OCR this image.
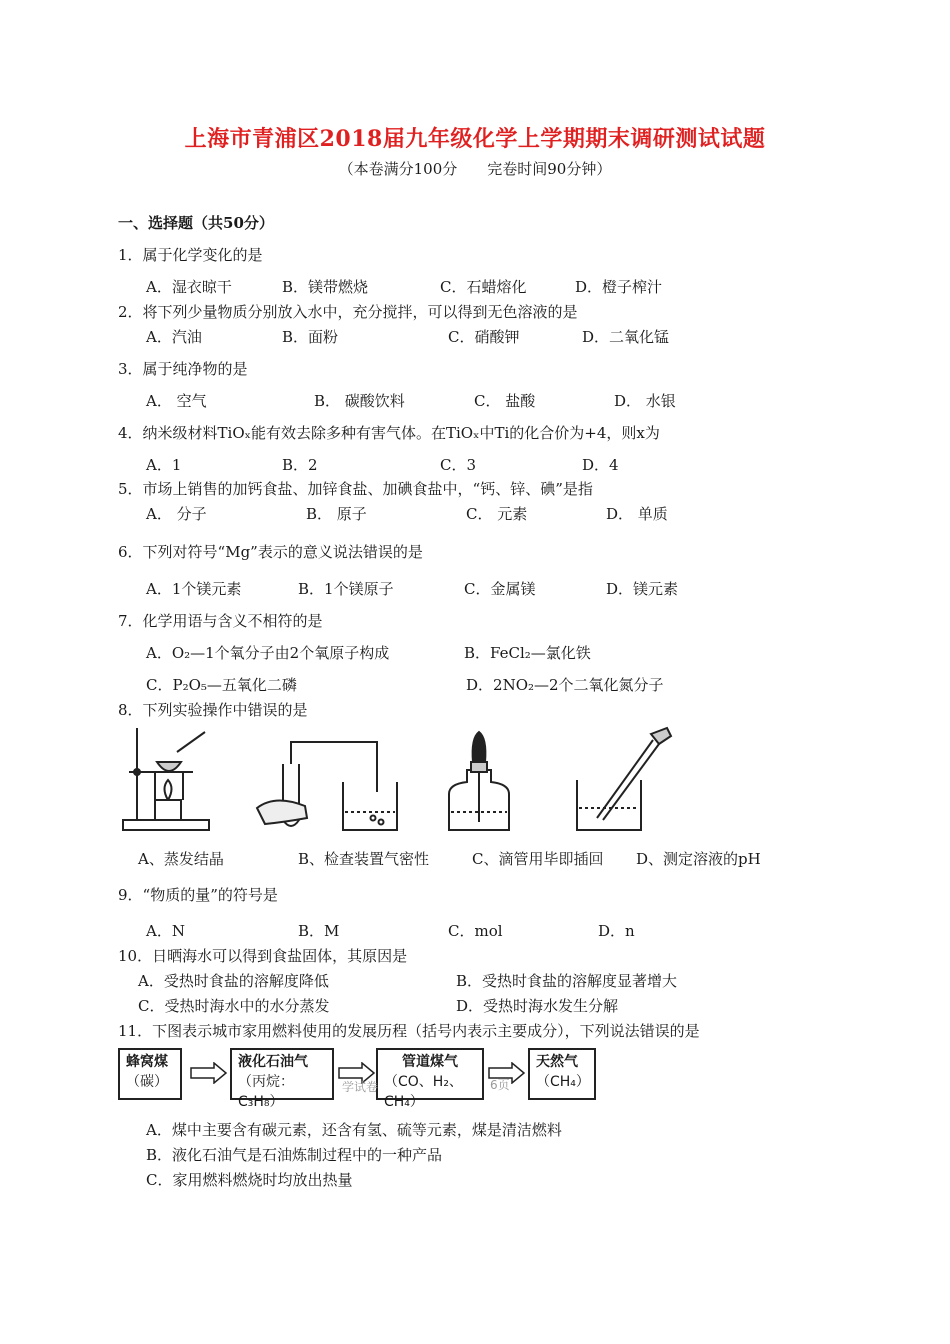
上海市青浦区2018届九年级化学上学期期末调研测试试题
（本卷满分100分　　完卷时间90分钟）
一、选择题（共50分）
1．属于化学变化的是
A．湿衣晾干	B．镁带燃烧	C．石蜡熔化	D．橙子榨汁
2．将下列少量物质分别放入水中，充分搅拌，可以得到无色溶液的是
A．汽油	B．面粉	C．硝酸钾	D．二氧化锰
3．属于纯净物的是
A． 空气	B． 碳酸饮料	C． 盐酸	D． 水银
4．纳米级材料TiOₓ能有效去除多种有害气体。在TiOₓ中Ti的化合价为+4，则x为
A．1	B．2	C．3	D．4
5．市场上销售的加钙食盐、加锌食盐、加碘食盐中，“钙、锌、碘”是指
A． 分子	B． 原子	C． 元素	D． 单质
6．下列对符号“Mg”表示的意义说法错误的是
A．1个镁元素	B．1个镁原子	C．金属镁	D．镁元素
7．化学用语与含义不相符的是
A．O₂—1个氧分子由2个氧原子构成	B．FeCl₂—氯化铁
C．P₂O₅—五氧化二磷	D．2NO₂—2个二氧化氮分子
8．下列实验操作中错误的是
A、蒸发结晶	B、检查装置气密性	C、滴管用毕即插回 D、测定溶液的pH
9．“物质的量”的符号是
A．N	B．M	C．mol	D．n
10．日晒海水可以得到食盐固体，其原因是
A．受热时食盐的溶解度降低	B．受热时食盐的溶解度显著增大
C．受热时海水中的水分蒸发	D．受热时海水发生分解
11．下图表示城市家用燃料使用的发展历程（括号内表示主要成分），下列说法错误的是
蜂窝煤
（碳）
液化石油气
（丙烷：C₃H₈）
管道煤气
（CO、H₂、CH₄）
天然气
（CH₄）
学试卷	6页
A．煤中主要含有碳元素，还含有氢、硫等元素，煤是清洁燃料
B．液化石油气是石油炼制过程中的一种产品
C．家用燃料燃烧时均放出热量
